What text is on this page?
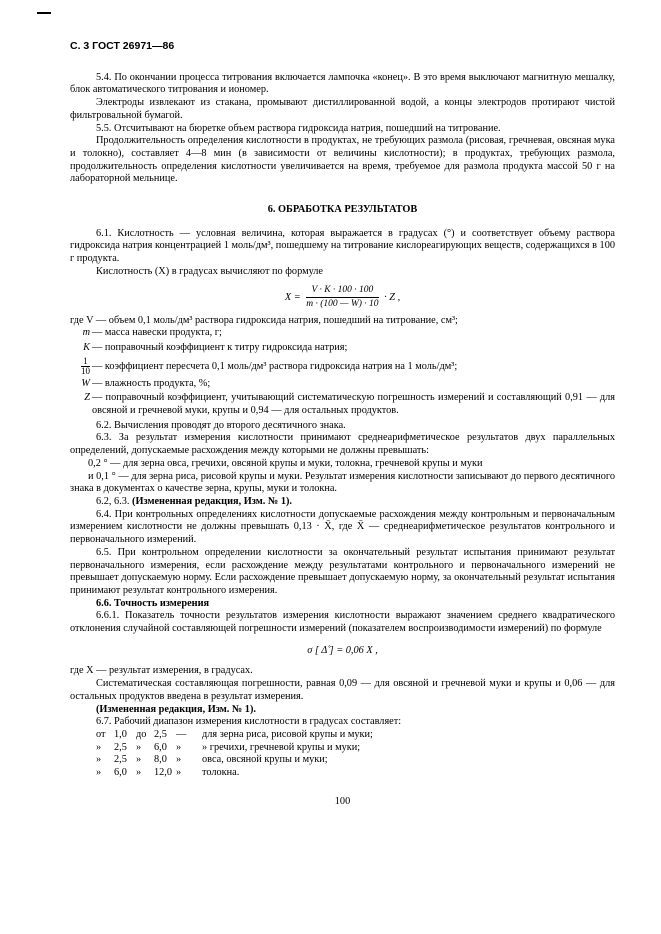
С. 3 ГОСТ 26971—86

5.4. По окончании процесса титрования включается лампочка «конец». В это время выключают магнитную мешалку, блок автоматического титрования и иономер.

Электроды извлекают из стакана, промывают дистиллированной водой, а концы электродов протирают чистой фильтровальной бумагой.

5.5. Отсчитывают на бюретке объем раствора гидроксида натрия, пошедший на титрование.

Продолжительность определения кислотности в продуктах, не требующих размола (рисовая, гречневая, овсяная мука и толокно), составляет 4—8 мин (в зависимости от величины кислотности); в продуктах, требующих размола, продолжительность определения кислотности увеличивается на время, требуемое для размола продукта массой 50 г на лабораторной мельнице.

6. ОБРАБОТКА РЕЗУЛЬТАТОВ

6.1. Кислотность — условная величина, которая выражается в градусах (°) и соответствует объему раствора гидроксида натрия концентрацией 1 моль/дм³, пошедшему на титрование кислореагирующих веществ, содержащихся в 100 г продукта.

Кислотность (X) в градусах вычисляют по формуле

$X = \frac{V \cdot K \cdot 100 \cdot 100}{m \cdot (100 — W) \cdot 10} \cdot Z$ ,

где V — объем 0,1 моль/дм³ раствора гидроксида натрия, пошедший на титрование, см³;

m — масса навески продукта, г;
K — поправочный коэффициент к титру гидроксида натрия;
$\frac{1}{10}$ — коэффициент пересчета 0,1 моль/дм³ раствора гидроксида натрия на 1 моль/дм³;
W — влажность продукта, %;
Z — поправочный коэффициент, учитывающий систематическую погрешность измерений и составляющий 0,91 — для овсяной и гречневой муки, крупы и 0,94 — для остальных продуктов.

6.2. Вычисления проводят до второго десятичного знака.

6.3. За результат измерения кислотности принимают среднеарифметическое результатов двух параллельных определений, допускаемые расхождения между которыми не должны превышать:

0,2 ° — для зерна овса, гречихи, овсяной крупы и муки, толокна, гречневой крупы и муки

и 0,1 ° — для зерна риса, рисовой крупы и муки. Результат измерения кислотности записывают до первого десятичного знака в документах о качестве зерна, крупы, муки и толокна.

6.2, 6.3. (Измененная редакция, Изм. № 1).

6.4. При контрольных определениях кислотности допускаемые расхождения между контрольным и первоначальным измерением кислотности не должны превышать 0,13 · X̄, где X̄ — среднеарифметическое результатов контрольного и первоначального измерений.

6.5. При контрольном определении кислотности за окончательный результат испытания принимают результат первоначального измерения, если расхождение между результатами контрольного и первоначального измерений не превышает допускаемую норму. Если расхождение превышает допускаемую норму, за окончательный результат испытания принимают результат контрольного измерения.

6.6. Точность измерения

6.6.1. Показатель точности результатов измерения кислотности выражают значением среднего квадратического отклонения случайной составляющей погрешности измерений (показателем воспроизводимости измерений) по формуле

σ [ Δ̊ ] = 0,06 X ,

где X — результат измерения, в градусах.

Систематическая составляющая погрешности, равная 0,09 — для овсяной и гречневой муки и крупы и 0,06 — для остальных продуктов введена в результат измерения.

(Измененная редакция, Изм. № 1).

6.7. Рабочий диапазон измерения кислотности в градусах составляет:

от 1,0 до 2,5 —	для зерна риса, рисовой крупы и муки;
»	2,5 »	6,0 »	» гречихи, гречневой крупы и муки;
»	2,5 »	8,0 »	овса, овсяной крупы и муки;
»	6,0 »	12,0 »	толокна.
100
